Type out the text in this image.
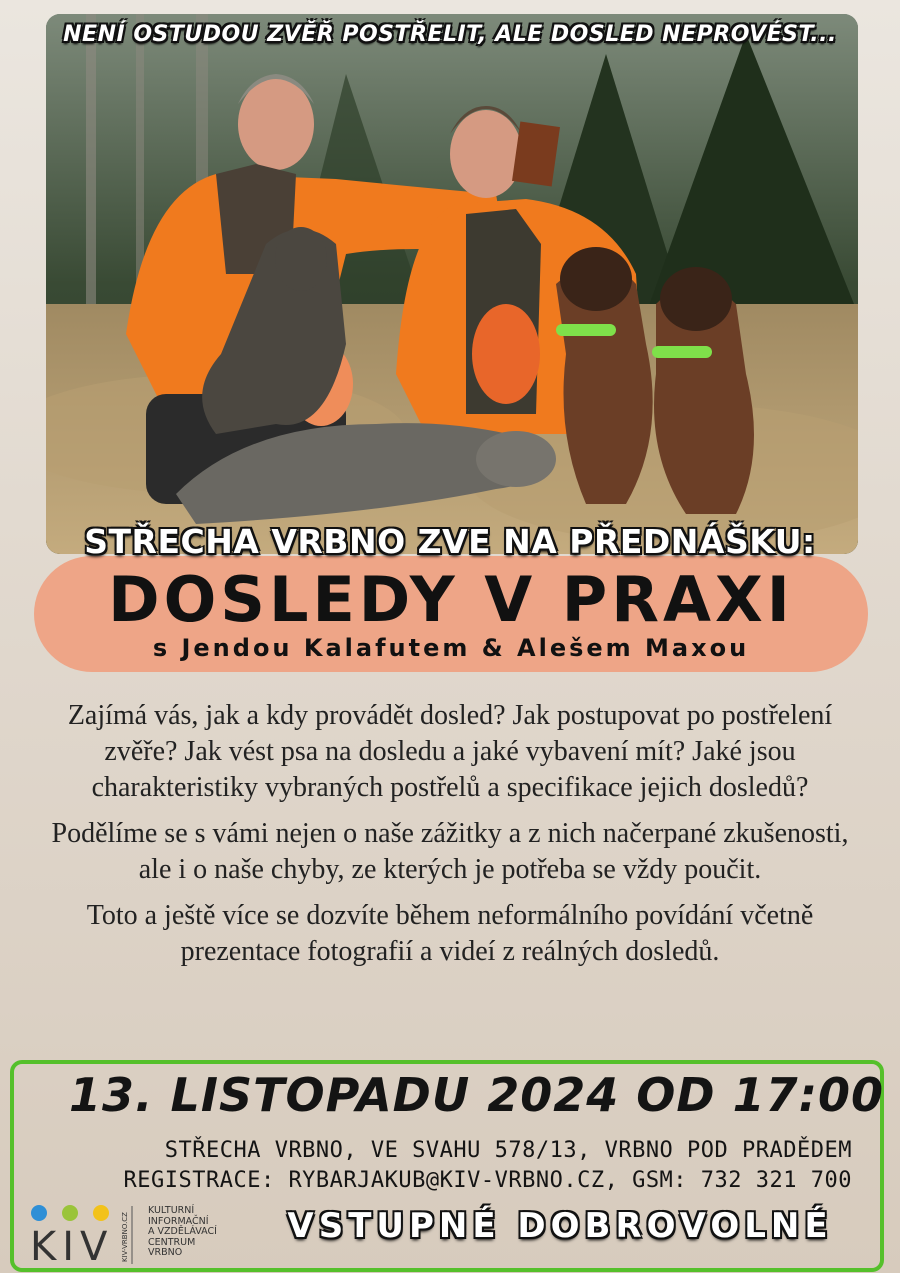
NENÍ OSTUDOU ZVĚŘ POSTŘELIT, ALE DOSLED NEPROVÉST...
STŘECHA VRBNO ZVE NA PŘEDNÁŠKU:
DOSLEDY V PRAXI
s Jendou Kalafutem & Alešem Maxou

Zajímá vás, jak a kdy provádět dosled? Jak postupovat po postřelení zvěře? Jak vést psa na dosledu a jaké vybavení mít? Jaké jsou charakteristiky vybraných postřelů a specifikace jejich dosledů?

Podělíme se s vámi nejen o naše zážitky a z nich načerpané zkušenosti, ale i o naše chyby, ze kterých je potřeba se vždy poučit.

Toto a ještě více se dozvíte během neformálního povídání včetně prezentace fotografií a videí z reálných dosledů.

13. LISTOPADU 2024 OD 17:00
STŘECHA VRBNO, VE SVAHU 578/13, VRBNO POD PRADĚDEM
REGISTRACE: RYBARJAKUB@KIV-VRBNO.CZ, GSM: 732 321 700
KIV KIV-VRBNO.CZ
KULTURNÍ
INFORMAČNÍ
A VZDĚLÁVACÍ
CENTRUM
VRBNO
VSTUPNÉ DOBROVOLNÉ
